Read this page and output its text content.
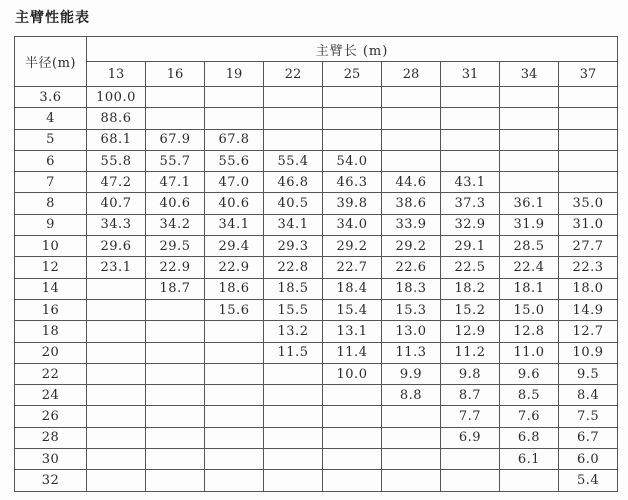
主臂性能表
半径(m)	主臂长 (m)								
	13	16	19	22	25	28	31	34	37
3.6	100.0								
4	88.6								
5	68.1	67.9	67.8						
6	55.8	55.7	55.6	55.4	54.0				
7	47.2	47.1	47.0	46.8	46.3	44.6	43.1		
8	40.7	40.6	40.6	40.5	39.8	38.6	37.3	36.1	35.0
9	34.3	34.2	34.1	34.1	34.0	33.9	32.9	31.9	31.0
10	29.6	29.5	29.4	29.3	29.2	29.2	29.1	28.5	27.7
12	23.1	22.9	22.9	22.8	22.7	22.6	22.5	22.4	22.3
14		18.7	18.6	18.5	18.4	18.3	18.2	18.1	18.0
16			15.6	15.5	15.4	15.3	15.2	15.0	14.9
18				13.2	13.1	13.0	12.9	12.8	12.7
20				11.5	11.4	11.3	11.2	11.0	10.9
22					10.0	9.9	9.8	9.6	9.5
24						8.8	8.7	8.5	8.4
26							7.7	7.6	7.5
28							6.9	6.8	6.7
30								6.1	6.0
32									5.4
